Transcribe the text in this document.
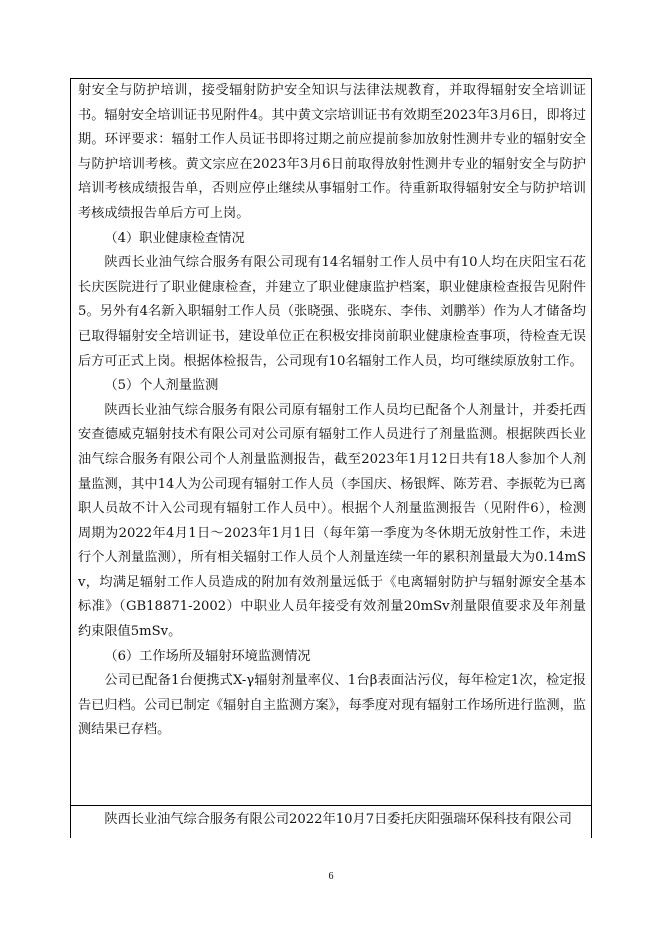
射安全与防护培训，接受辐射防护安全知识与法律法规教育，并取得辐射安全培训证书。辐射安全培训证书见附件4。其中黄文宗培训证书有效期至2023年3月6日，即将过期。环评要求：辐射工作人员证书即将过期之前应提前参加放射性测井专业的辐射安全与防护培训考核。黄文宗应在2023年3月6日前取得放射性测井专业的辐射安全与防护培训考核成绩报告单，否则应停止继续从事辐射工作。待重新取得辐射安全与防护培训考核成绩报告单后方可上岗。
（4）职业健康检查情况
陕西长业油气综合服务有限公司现有14名辐射工作人员中有10人均在庆阳宝石花长庆医院进行了职业健康检查，并建立了职业健康监护档案，职业健康检查报告见附件5。另外有4名新入职辐射工作人员（张晓强、张晓东、李伟、刘鹏举）作为人才储备均已取得辐射安全培训证书，建设单位正在积极安排岗前职业健康检查事项，待检查无误后方可正式上岗。根据体检报告，公司现有10名辐射工作人员，均可继续原放射工作。
（5）个人剂量监测
陕西长业油气综合服务有限公司原有辐射工作人员均已配备个人剂量计，并委托西安查德威克辐射技术有限公司对公司原有辐射工作人员进行了剂量监测。根据陕西长业油气综合服务有限公司个人剂量监测报告，截至2023年1月12日共有18人参加个人剂量监测，其中14人为公司现有辐射工作人员（李国庆、杨银辉、陈芳君、李振乾为已离职人员故不计入公司现有辐射工作人员中）。根据个人剂量监测报告（见附件6），检测周期为2022年4月1日～2023年1月1日（每年第一季度为冬休期无放射性工作，未进行个人剂量监测），所有相关辐射工作人员个人剂量连续一年的累积剂量最大为0.14mSv，均满足辐射工作人员造成的附加有效剂量远低于《电离辐射防护与辐射源安全基本标准》（GB18871-2002）中职业人员年接受有效剂量20mSv剂量限值要求及年剂量约束限值5mSv。
（6）工作场所及辐射环境监测情况
公司已配备1台便携式X-γ辐射剂量率仪、1台β表面沾污仪，每年检定1次，检定报告已归档。公司已制定《辐射自主监测方案》，每季度对现有辐射工作场所进行监测，监测结果已存档。
陕西长业油气综合服务有限公司2022年10月7日委托庆阳强瑞环保科技有限公司
6
